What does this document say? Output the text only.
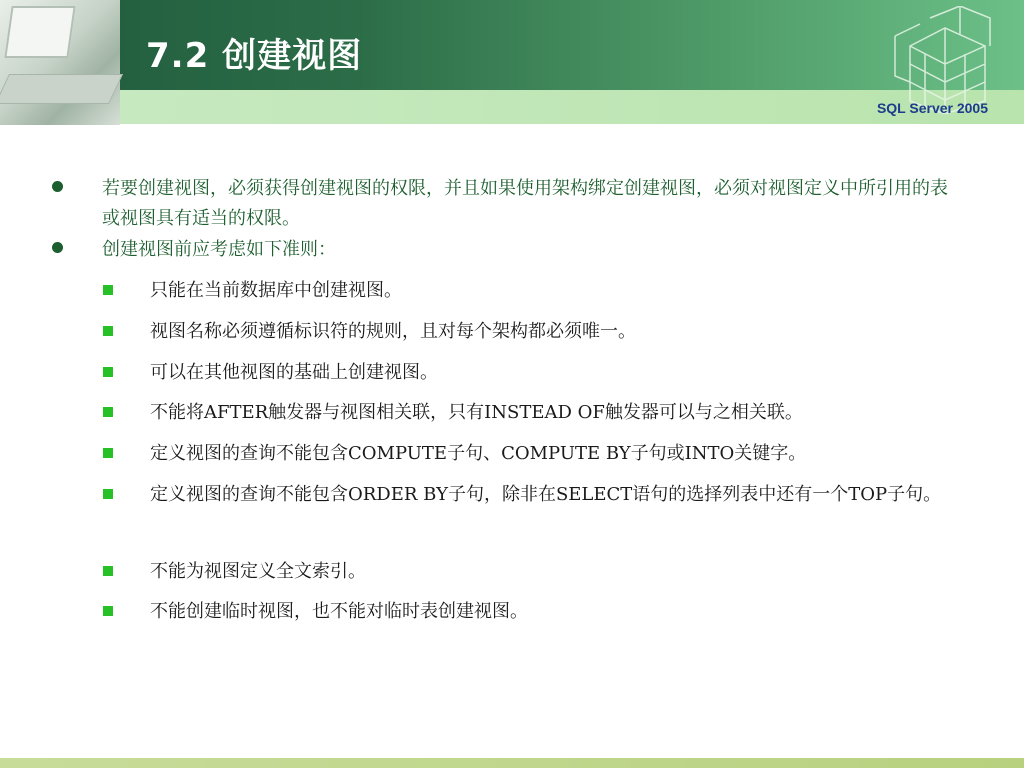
7.2 创建视图
SQL Server 2005
若要创建视图，必须获得创建视图的权限，并且如果使用架构绑定创建视图，必须对视图定义中所引用的表或视图具有适当的权限。
创建视图前应考虑如下准则：
只能在当前数据库中创建视图。
视图名称必须遵循标识符的规则，且对每个架构都必须唯一。
可以在其他视图的基础上创建视图。
不能将AFTER触发器与视图相关联，只有INSTEAD OF触发器可以与之相关联。
定义视图的查询不能包含COMPUTE子句、COMPUTE BY子句或INTO关键字。
定义视图的查询不能包含ORDER BY子句，除非在SELECT语句的选择列表中还有一个TOP子句。
不能为视图定义全文索引。
不能创建临时视图，也不能对临时表创建视图。
